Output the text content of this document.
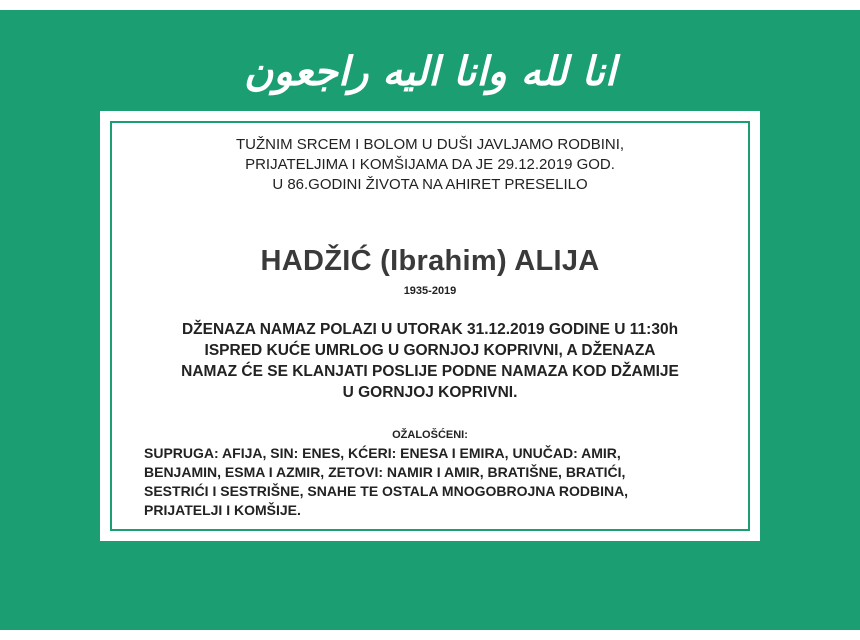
انا لله وانا اليه راجعون
TUŽNIM SRCEM I BOLOM U DUŠI JAVLJAMO RODBINI,
PRIJATELJIMA I KOMŠIJAMA DA JE 29.12.2019 GOD.
U 86.GODINI ŽIVOTA NA AHIRET PRESELILO
HADŽIĆ (Ibrahim) ALIJA
1935-2019
DŽENAZA NAMAZ POLAZI U UTORAK 31.12.2019 GODINE U 11:30h
ISPRED KUĆE UMRLOG U GORNJOJ KOPRIVNI, A DŽENAZA
NAMAZ ĆE SE KLANJATI POSLIJE PODNE NAMAZA KOD DŽAMIJE
U GORNJOJ KOPRIVNI.
OŽALOŠĆENI:
SUPRUGA: AFIJA, SIN: ENES, KĆERI: ENESA I EMIRA, UNUČAD: AMIR,
BENJAMIN, ESMA I AZMIR, ZETOVI: NAMIR I AMIR, BRATIŠNE, BRATIĆI,
SESTRIĆI I SESTRIŠNE, SNAHE TE OSTALA MNOGOBROJNA RODBINA,
PRIJATELJI I KOMŠIJE.
